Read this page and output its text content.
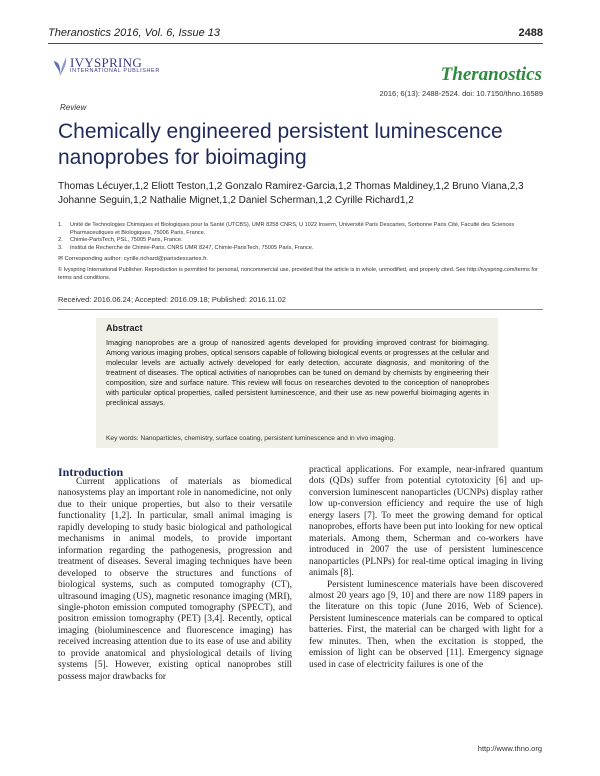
Theranostics 2016, Vol. 6, Issue 13	2488
IVYSPRING
INTERNATIONAL PUBLISHER	Theranostics
2016; 6(13): 2488-2524. doi: 10.7150/thno.16589
Review
Chemically engineered persistent luminescence nanoprobes for bioimaging
Thomas Lécuyer,1,2 Eliott Teston,1,2 Gonzalo Ramirez-Garcia,1,2 Thomas Maldiney,1,2 Bruno Viana,2,3 Johanne Seguin,1,2 Nathalie Mignet,1,2 Daniel Scherman,1,2 Cyrille Richard1,2
1. Unité de Technologies Chimiques et Biologiques pour la Santé (UTCBS), UMR 8258 CNRS, U 1022 Inserm, Université Paris Descartes, Sorbonne Paris Cité, Faculté des Sciences Pharmaceutiques et Biologiques, 75006 Paris, France.
2. Chimie-ParisTech, PSL, 75005 Paris, France.
3. Institut de Recherche de Chimie-Paris, CNRS UMR 8247, Chimie-ParisTech, 75005 Paris, France.
✉ Corresponding author: cyrille.richard@parisdescartes.fr.
© Ivyspring International Publisher. Reproduction is permitted for personal, noncommercial use, provided that the article is in whole, unmodified, and properly cited. See http://ivyspring.com/terms for terms and conditions.
Received: 2016.06.24; Accepted: 2016.09.18; Published: 2016.11.02
Abstract
Imaging nanoprobes are a group of nanosized agents developed for providing improved contrast for bioimaging. Among various imaging probes, optical sensors capable of following biological events or progresses at the cellular and molecular levels are actually actively developed for early detection, accurate diagnosis, and monitoring of the treatment of diseases. The optical activities of nanoprobes can be tuned on demand by chemists by engineering their composition, size and surface nature. This review will focus on researches devoted to the conception of nanoprobes with particular optical properties, called persistent luminescence, and their use as new powerful bioimaging agents in preclinical assays.
Key words: Nanoparticles, chemistry, surface coating, persistent luminescence and in vivo imaging.
Introduction

Current applications of materials as biomedical nanosystems play an important role in nanomedicine, not only due to their unique properties, but also to their versatile functionality [1,2]. In particular, small animal imaging is rapidly developing to study basic biological and pathological mechanisms in animal models, to provide important information regarding the pathogenesis, progression and treatment of diseases. Several imaging techniques have been developed to observe the structures and functions of biological systems, such as computed tomography (CT), ultrasound imaging (US), magnetic resonance imaging (MRI), single-photon emission computed tomography (SPECT), and positron emission tomography (PET) [3,4]. Recently, optical imaging (bioluminescence and fluorescence imaging) has received increasing attention due to its ease of use and ability to provide anatomical and physiological details of living systems [5]. However, existing optical nanoprobes still possess major drawbacks for

practical applications. For example, near-infrared quantum dots (QDs) suffer from potential cytotoxicity [6] and up-conversion luminescent nanoparticles (UCNPs) display rather low up-conversion efficiency and require the use of high energy lasers [7]. To meet the growing demand for optical nanoprobes, efforts have been put into looking for new optical materials. Among them, Scherman and co-workers have introduced in 2007 the use of persistent luminescence nanoparticles (PLNPs) for real-time optical imaging in living animals [8].

Persistent luminescence materials have been discovered almost 20 years ago [9, 10] and there are now 1189 papers in the literature on this topic (June 2016, Web of Science). Persistent luminescence materials can be compared to optical batteries. First, the material can be charged with light for a few minutes. Then, when the excitation is stopped, the emission of light can be observed [11]. Emergency signage used in case of electricity failures is one of the

http://www.thno.org
